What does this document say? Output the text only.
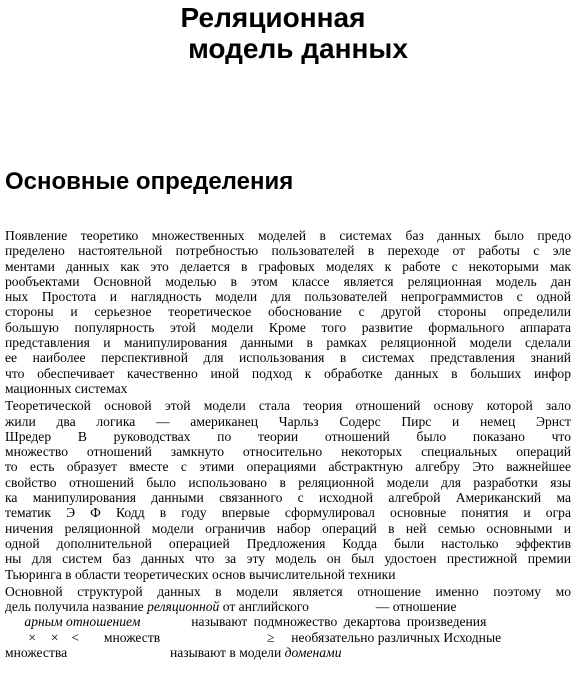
Реляционная
модель данных
Основные определения
Появление теоретико множественных моделей в системах баз данных было предо
пределено настоятельной потребностью пользователей в переходе от работы с эле
ментами данных как это делается в графовых моделях к работе с некоторыми мак
рообъектами Основной моделью в этом классе является реляционная модель дан
ных Простота и наглядность модели для пользователей непрограммистов с одной
стороны и серьезное теоретическое обоснование с другой стороны определили
большую популярность этой модели Кроме того развитие формального аппарата
представления и манипулирования данными в рамках реляционной модели сделали
ее наиболее перспективной для использования в системах представления знаний
что обеспечивает качественно иной подход к обработке данных в больших инфор
мационных системах
Теоретической основой этой модели стала теория отношений основу которой зало
жили два логика — американец Чарльз Содерс Пирс и немец Эрнст
Шредер В руководствах по теории отношений было показано что
множество отношений замкнуто относительно некоторых специальных операций
то есть образует вместе с этими операциями абстрактную алгебру Это важнейшее
свойство отношений было использовано в реляционной модели для разработки язы
ка манипулирования данными связанного с исходной алгеброй Американский ма
тематик Э Ф Кодд в году впервые сформулировал основные понятия и огра
ничения реляционной модели ограничив набор операций в ней семью основными и
одной дополнительной операцией Предложения Кодда были настолько эффектив
ны для систем баз данных что за эту модель он был удостоен престижной премии
Тьюринга в области теоретических основ вычислительной техники
Основной структурой данных в модели является отношение именно поэтому мо
дель получила название реляционной от английского	— отношение
арным отношением	называют подмножество декартова произведения
× × < множеств	≥ необязательно различных Исходные
множества	называют в модели доменами
